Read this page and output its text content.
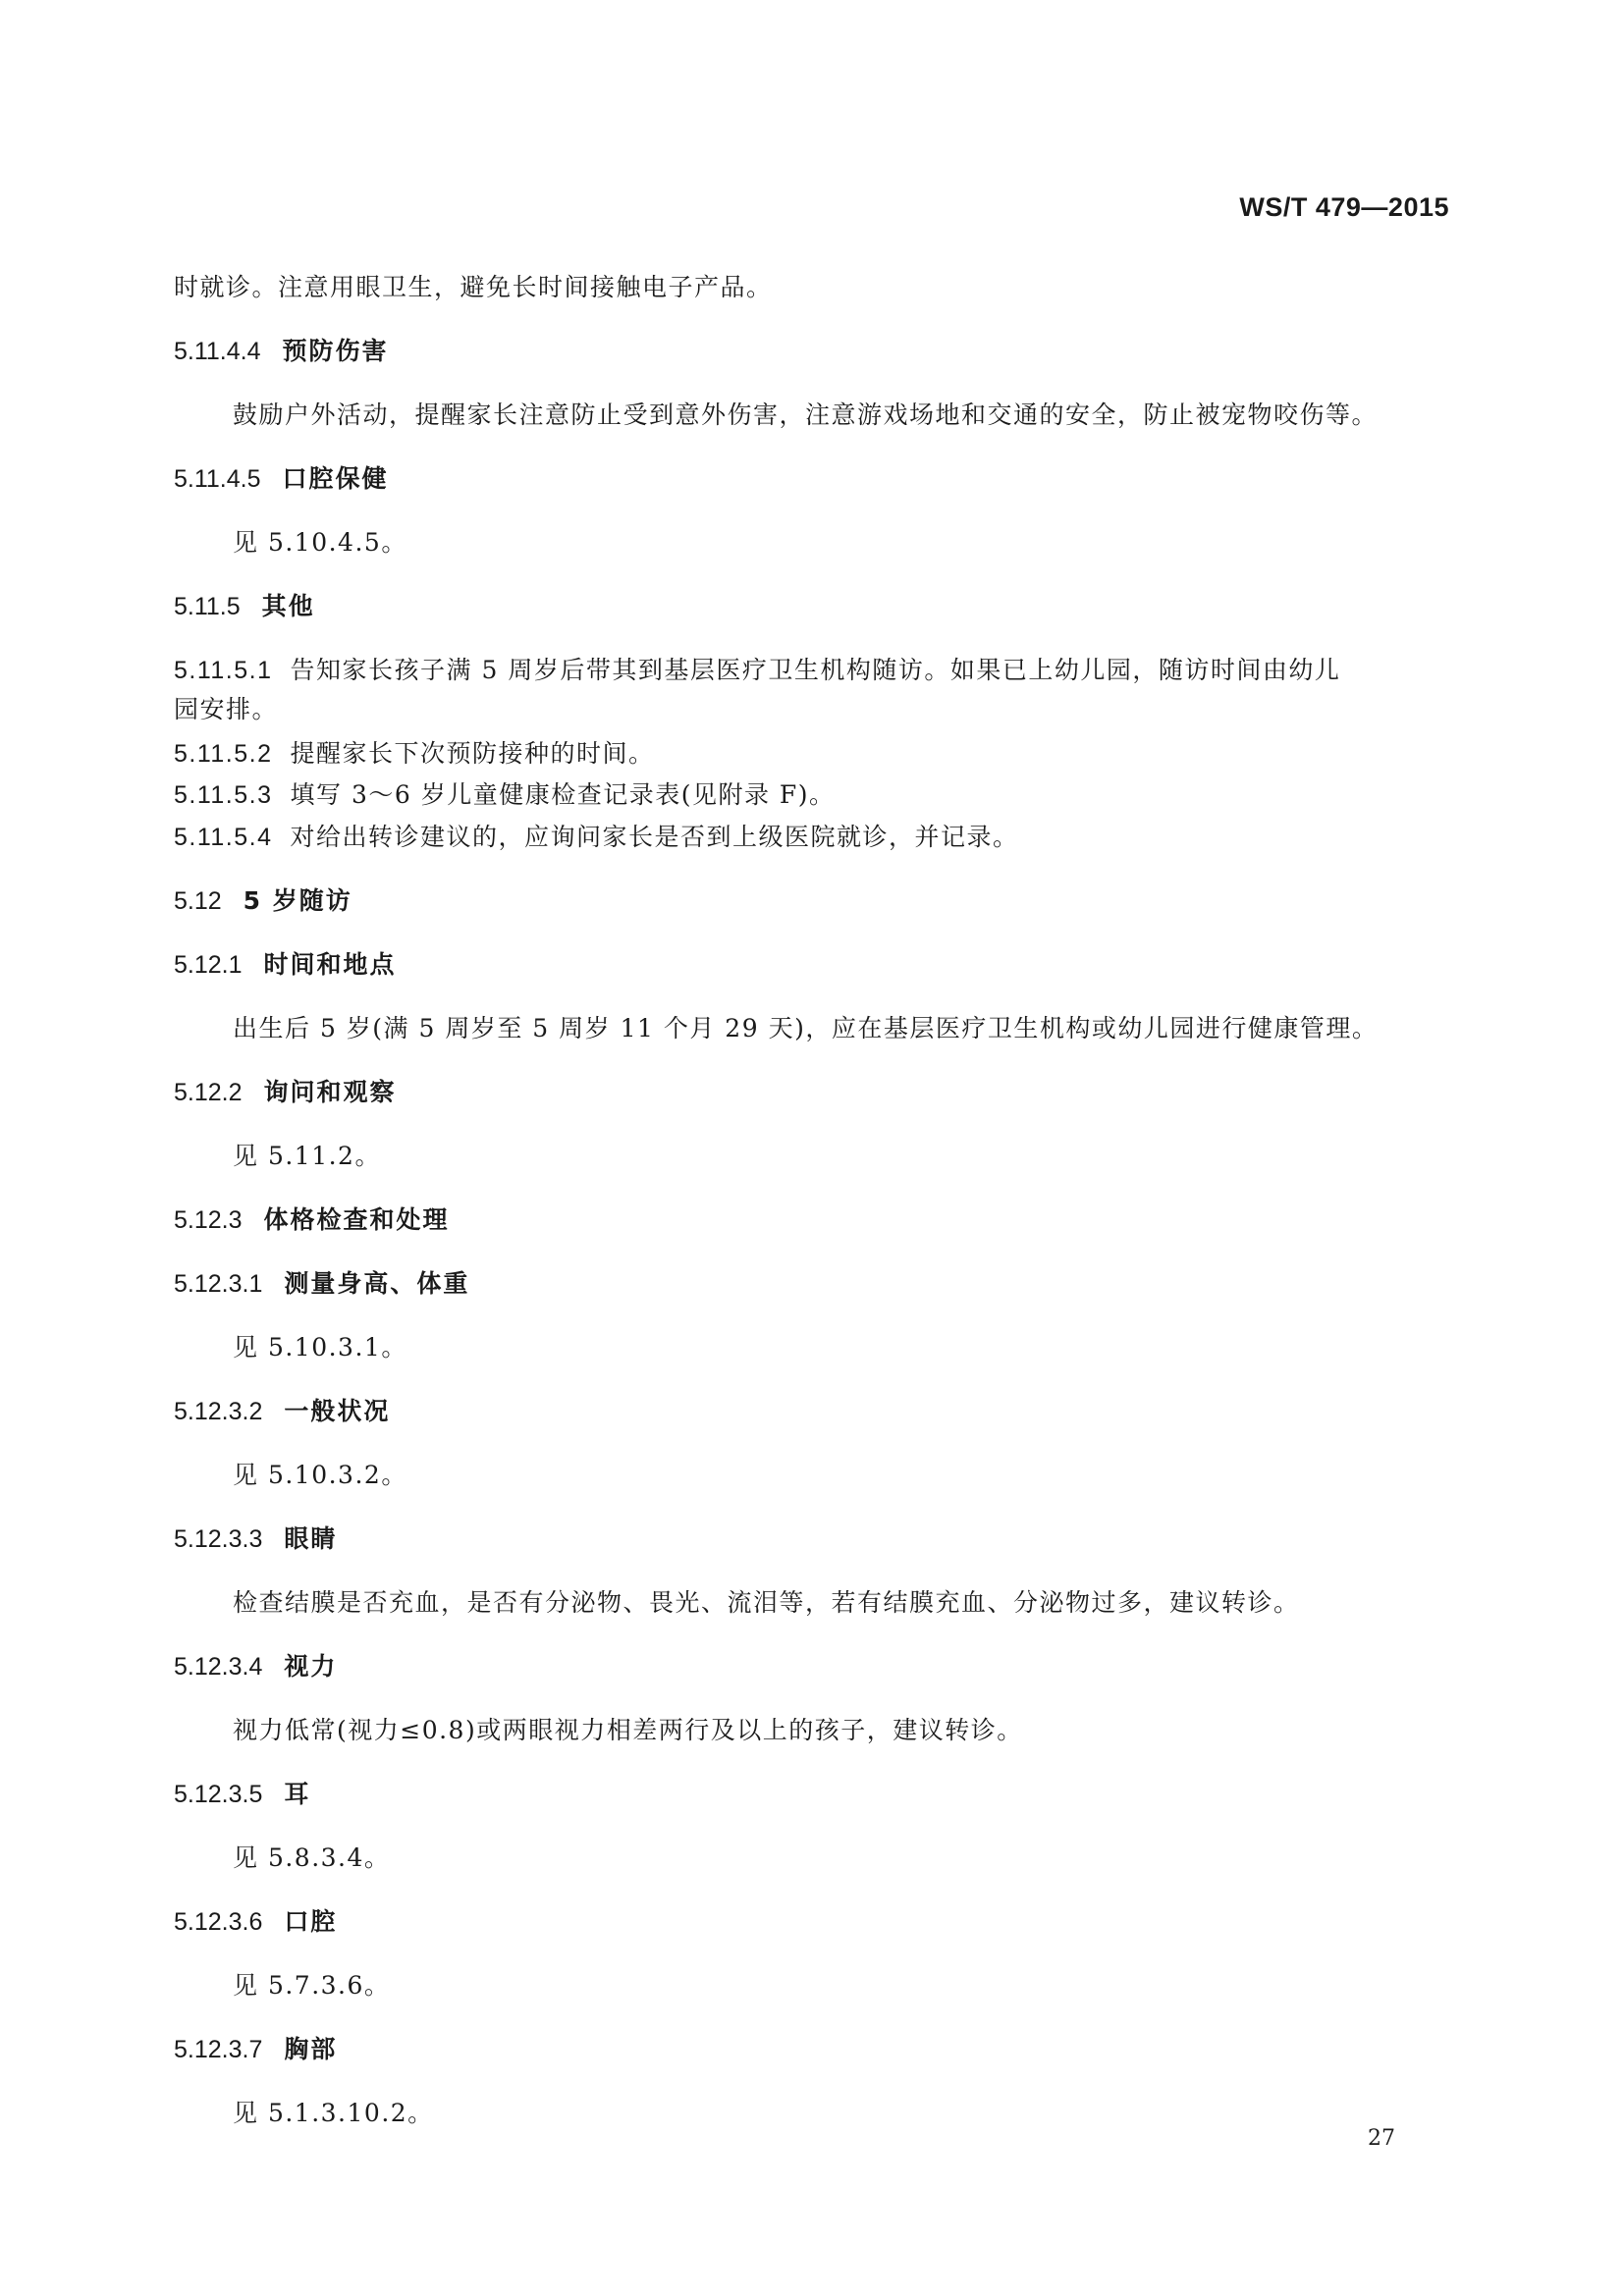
WS/T 479—2015
时就诊。注意用眼卫生，避免长时间接触电子产品。
5.11.4.4 预防伤害
鼓励户外活动，提醒家长注意防止受到意外伤害，注意游戏场地和交通的安全，防止被宠物咬伤等。
5.11.4.5 口腔保健
见 5.10.4.5。
5.11.5 其他
5.11.5.1 告知家长孩子满 5 周岁后带其到基层医疗卫生机构随访。如果已上幼儿园，随访时间由幼儿
园安排。
5.11.5.2 提醒家长下次预防接种的时间。
5.11.5.3 填写 3～6 岁儿童健康检查记录表(见附录 F)。
5.11.5.4 对给出转诊建议的，应询问家长是否到上级医院就诊，并记录。
5.12 5 岁随访
5.12.1 时间和地点
出生后 5 岁(满 5 周岁至 5 周岁 11 个月 29 天)，应在基层医疗卫生机构或幼儿园进行健康管理。
5.12.2 询问和观察
见 5.11.2。
5.12.3 体格检查和处理
5.12.3.1 测量身高、体重
见 5.10.3.1。
5.12.3.2 一般状况
见 5.10.3.2。
5.12.3.3 眼睛
检查结膜是否充血，是否有分泌物、畏光、流泪等，若有结膜充血、分泌物过多，建议转诊。
5.12.3.4 视力
视力低常(视力≤0.8)或两眼视力相差两行及以上的孩子，建议转诊。
5.12.3.5 耳
见 5.8.3.4。
5.12.3.6 口腔
见 5.7.3.6。
5.12.3.7 胸部
见 5.1.3.10.2。
27
